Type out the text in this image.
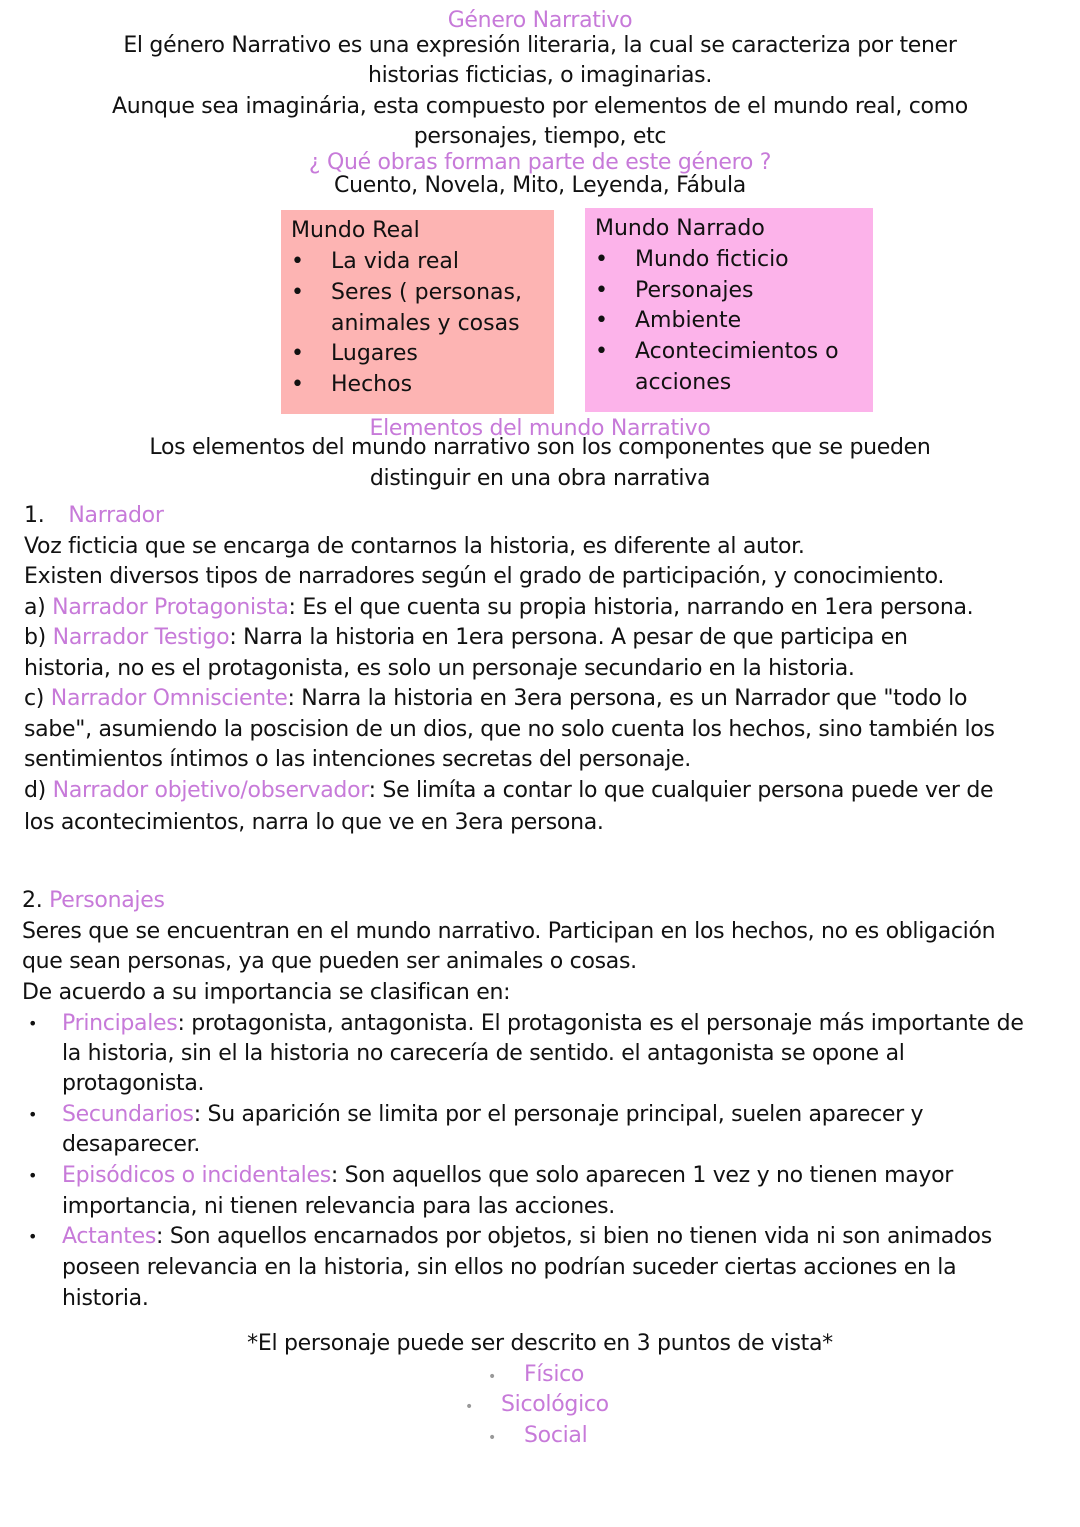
Género Narrativo
El género Narrativo es una expresión literaria, la cual se caracteriza por tener
historias ficticias, o imaginarias.
Aunque sea imaginária, esta compuesto por elementos de el mundo real, como
personajes, tiempo, etc
¿ Qué obras forman parte de este género ?
Cuento, Novela, Mito, Leyenda, Fábula
Mundo Real
• La vida real
• Seres ( personas,
animales y cosas
• Lugares
• Hechos
Mundo Narrado
• Mundo ficticio
• Personajes
• Ambiente
• Acontecimientos o
acciones
Elementos del mundo Narrativo
Los elementos del mundo narrativo son los componentes que se pueden
distinguir en una obra narrativa
1. Narrador
Voz ficticia que se encarga de contarnos la historia, es diferente al autor.
Existen diversos tipos de narradores según el grado de participación, y conocimiento.
a) Narrador Protagonista: Es el que cuenta su propia historia, narrando en 1era persona.
b) Narrador Testigo: Narra la historia en 1era persona. A pesar de que participa en
historia, no es el protagonista, es solo un personaje secundario en la historia.
c) Narrador Omnisciente: Narra la historia en 3era persona, es un Narrador que "todo lo
sabe", asumiendo la poscision de un dios, que no solo cuenta los hechos, sino también los
sentimientos íntimos o las intenciones secretas del personaje.
d) Narrador objetivo/observador: Se limíta a contar lo que cualquier persona puede ver de
los acontecimientos, narra lo que ve en 3era persona.
2. Personajes
Seres que se encuentran en el mundo narrativo. Participan en los hechos, no es obligación
que sean personas, ya que pueden ser animales o cosas.
De acuerdo a su importancia se clasifican en:
• Principales: protagonista, antagonista. El protagonista es el personaje más importante de
la historia, sin el la historia no carecería de sentido. el antagonista se opone al
protagonista.
• Secundarios: Su aparición se limita por el personaje principal, suelen aparecer y
desaparecer.
• Episódicos o incidentales: Son aquellos que solo aparecen 1 vez y no tienen mayor
importancia, ni tienen relevancia para las acciones.
• Actantes: Son aquellos encarnados por objetos, si bien no tienen vida ni son animados
poseen relevancia en la historia, sin ellos no podrían suceder ciertas acciones en la
historia.
*El personaje puede ser descrito en 3 puntos de vista*
• Físico
• Sicológico
• Social
